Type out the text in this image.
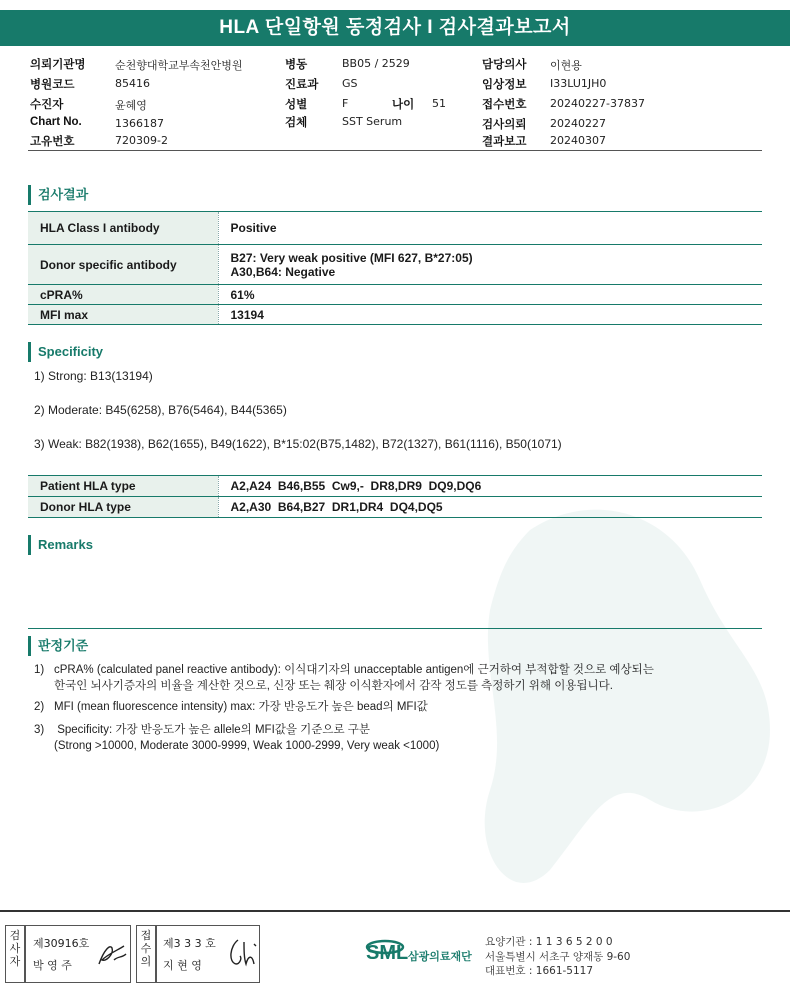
HLA 단일항원 동정검사 I 검사결과보고서
의뢰기관명	순천향대학교부속천안병원
병원코드	85416
수진자	윤혜영
Chart No.	1366187
고유번호	720309-2
병동	BB05 / 2529
진료과 GS
성별	F	나이 51
검체	SST Serum
담당의사 이현용
임상정보 I33LU1JH0
접수번호 20240227-37837
검사의뢰 20240227
결과보고 20240307
검사결과
HLA Class I antibody	Positive
Donor specific antibody	B27: Very weak positive (MFI 627, B*27:05)
A30,B64: Negative

cPRA%	61%
MFI max	13194
Specificity
1) Strong: B13(13194)
2) Moderate: B45(6258), B76(5464), B44(5365)
3) Weak: B82(1938), B62(1655), B49(1622), B*15:02(B75,1482), B72(1327), B61(1116), B50(1071)
Patient HLA type	A2,A24  B46,B55  Cw9,-  DR8,DR9  DQ9,DQ6
Donor HLA type	A2,A30  B64,B27  DR1,DR4  DQ4,DQ5
Remarks
판정기준
1) cPRA% (calculated panel reactive antibody): 이식대기자의 unacceptable antigen에 근거하여 부적합할 것으로 예상되는
한국인 뇌사기증자의 비율을 계산한 것으로, 신장 또는 췌장 이식환자에서 감작 정도를 측정하기 위해 이용됩니다.
2) MFI (mean fluorescence intensity) max: 가장 반응도가 높은 bead의 MFI값
3) Specificity: 가장 반응도가 높은 allele의 MFI값을 기준으로 구분
(Strong >10000, Moderate 3000-9999, Weak 1000-2999, Very weak <1000)
검사자
제30916호
박 영 주
접수의
제3 3 3 호
지 현 영
SML 삼광의료재단
요양기관 : 1 1 3 6 5 2 0 0
서울특별시 서초구 양재동 9-60
대표번호 : 1661-5117
